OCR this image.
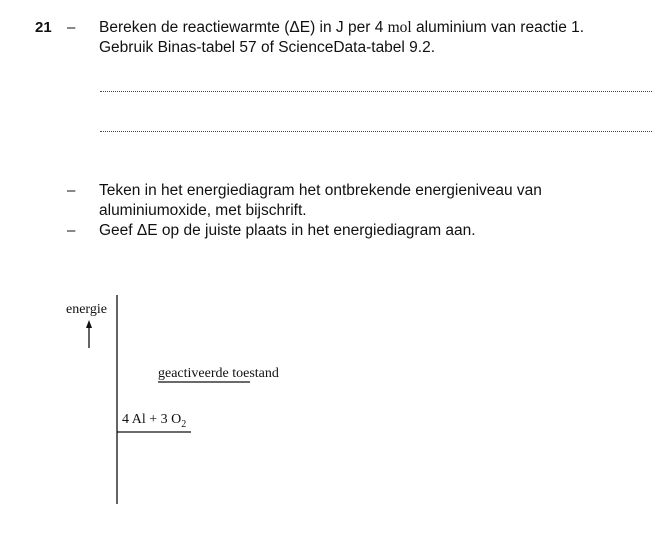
21 – Bereken de reactiewarmte (ΔE) in J per 4 mol aluminium van reactie 1.
Gebruik Binas-tabel 57 of ScienceData-tabel 9.2.
– Teken in het energiediagram het ontbrekende energieniveau van
aluminiumoxide, met bijschrift.
– Geef ΔE op de juiste plaats in het energiediagram aan.
energie
geactiveerde toestand
4 Al + 3 $O_2$
